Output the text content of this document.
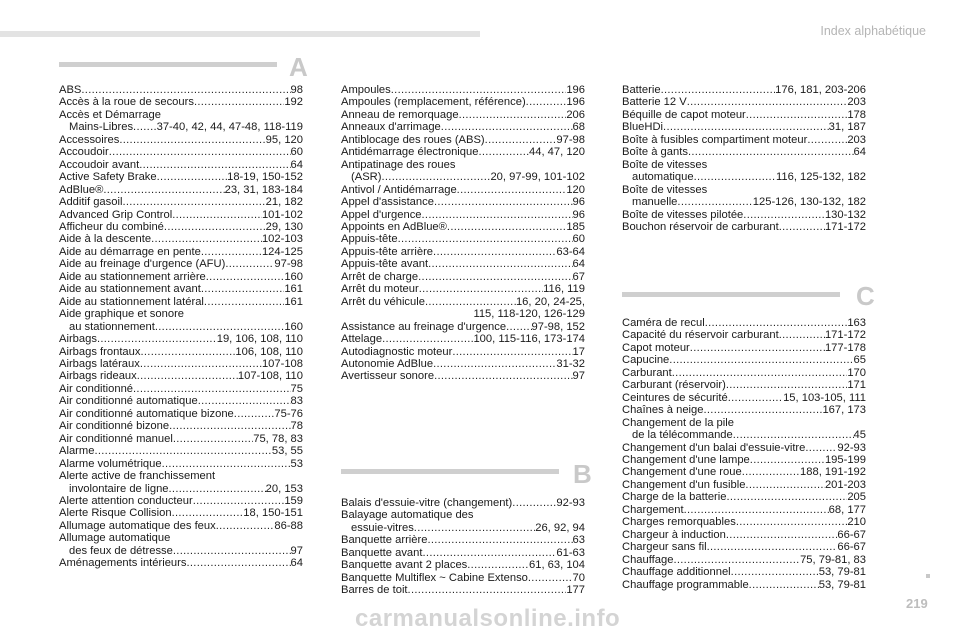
Index alphabétique
A
B
C
ABS .....	98
Accès à la roue de secours .....	192
Accès et Démarrage
Mains-Libres ..... 37-40, 42, 44, 47-48, 118-119
Accessoires .....	95, 120
Accoudoir .....	60
Accoudoir avant .....	64
Active Safety Brake .....	18-19, 150-152
AdBlue® .....	23, 31, 183-184
Additif gasoil .....	21, 182
Advanced Grip Control .....	101-102
Afficheur du combiné .....	29, 130
Aide à la descente .....	102-103
Aide au démarrage en pente .....	124-125
Aide au freinage d'urgence (AFU) .....	97-98
Aide au stationnement arrière .....	160
Aide au stationnement avant .....	161
Aide au stationnement latéral .....	161
Aide graphique et sonore
au stationnement .....	160
Airbags .....	19, 106, 108, 110
Airbags frontaux .....	106, 108, 110
Airbags latéraux .....	107-108
Airbags rideaux .....	107-108, 110
Air conditionné .....	75
Air conditionné automatique .....	83
Air conditionné automatique bizone .....	75-76
Air conditionné bizone .....	78
Air conditionné manuel .....	75, 78, 83
Alarme .....	53, 55
Alarme volumétrique .....	53
Alerte active de franchissement
involontaire de ligne .....	20, 153
Alerte attention conducteur .....	159
Alerte Risque Collision .....	18, 150-151
Allumage automatique des feux .....	86-88
Allumage automatique
des feux de détresse .....	97
Aménagements intérieurs .....	64
Ampoules .....	196
Ampoules (remplacement, référence) .....	196
Anneau de remorquage .....	206
Anneaux d'arrimage .....	68
Antiblocage des roues (ABS) .....	97-98
Antidémarrage électronique .....	44, 47, 120
Antipatinage des roues
(ASR) .....	20, 97-99, 101-102
Antivol / Antidémarrage .....	120
Appel d'assistance .....	96
Appel d'urgence .....	96
Appoints en AdBlue® .....	185
Appuis-tête .....	60
Appuis-tête arrière .....	63-64
Appuis-tête avant .....	64
Arrêt de charge .....	67
Arrêt du moteur .....	116, 119
Arrêt du véhicule .....	16, 20, 24-25,
115, 118-120, 126-129
Assistance au freinage d'urgence ..... 97-98, 152
Attelage .....	100, 115-116, 173-174
Autodiagnostic moteur .....	17
Autonomie AdBlue .....	31-32
Avertisseur sonore .....	97
Balais d'essuie-vitre (changement) .....	92-93
Balayage automatique des
essuie-vitres .....	26, 92, 94
Banquette arrière .....	63
Banquette avant .....	61-63
Banquette avant 2 places .....	61, 63, 104
Banquette Multiflex ~ Cabine Extenso .....	70
Barres de toit .....	177
Batterie .....	176, 181, 203-206
Batterie 12 V .....	203
Béquille de capot moteur .....	178
BlueHDi .....	31, 187
Boîte à fusibles compartiment moteur .....	203
Boîte à gants .....	64
Boîte de vitesses
automatique .....	116, 125-132, 182
Boîte de vitesses
manuelle .....	125-126, 130-132, 182
Boîte de vitesses pilotée .....	130-132
Bouchon réservoir de carburant .....	171-172
Caméra de recul .....	163
Capacité du réservoir carburant .....	171-172
Capot moteur .....	177-178
Capucine .....	65
Carburant .....	170
Carburant (réservoir) .....	171
Ceintures de sécurité .....	15, 103-105, 111
Chaînes à neige .....	167, 173
Changement de la pile
de la télécommande .....	45
Changement d'un balai d'essuie-vitre .....	92-93
Changement d'une lampe .....	195-199
Changement d'une roue .....	188, 191-192
Changement d'un fusible .....	201-203
Charge de la batterie .....	205
Chargement .....	68, 177
Charges remorquables .....	210
Chargeur à induction .....	66-67
Chargeur sans fil .....	66-67
Chauffage .....	75, 79-81, 83
Chauffage additionnel .....	53, 79-81
Chauffage programmable .....	53, 79-81
219
carmanualsonline.info
